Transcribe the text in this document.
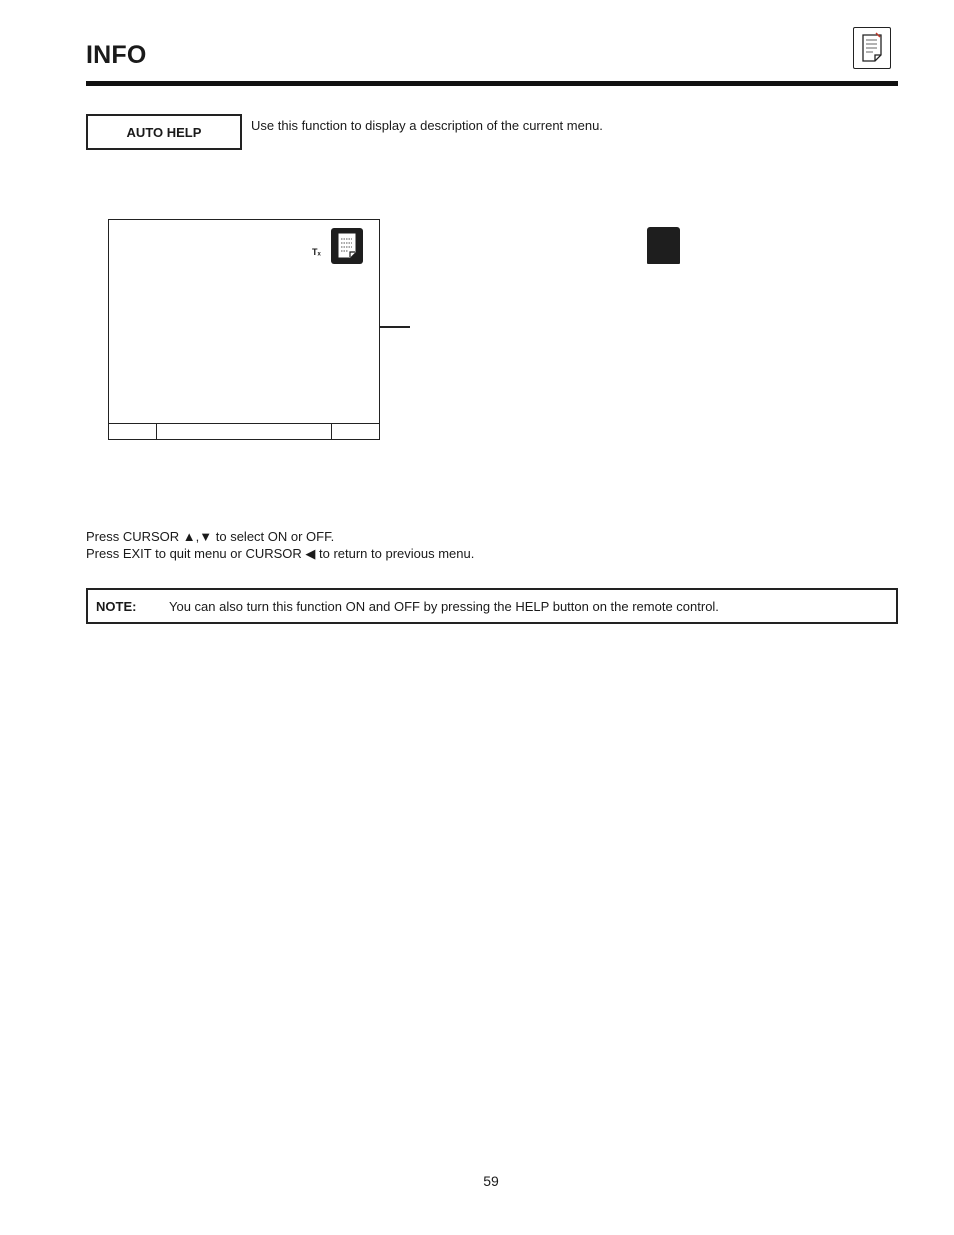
INFO
AUTO HELP	Use this function to display a description of the current menu.
Tₓ
Press CURSOR ▲,▼ to select ON or OFF.
Press EXIT to quit menu or CURSOR ◀ to return to previous menu.
NOTE:	You can also turn this function ON and OFF by pressing the HELP button on the remote control.
59
